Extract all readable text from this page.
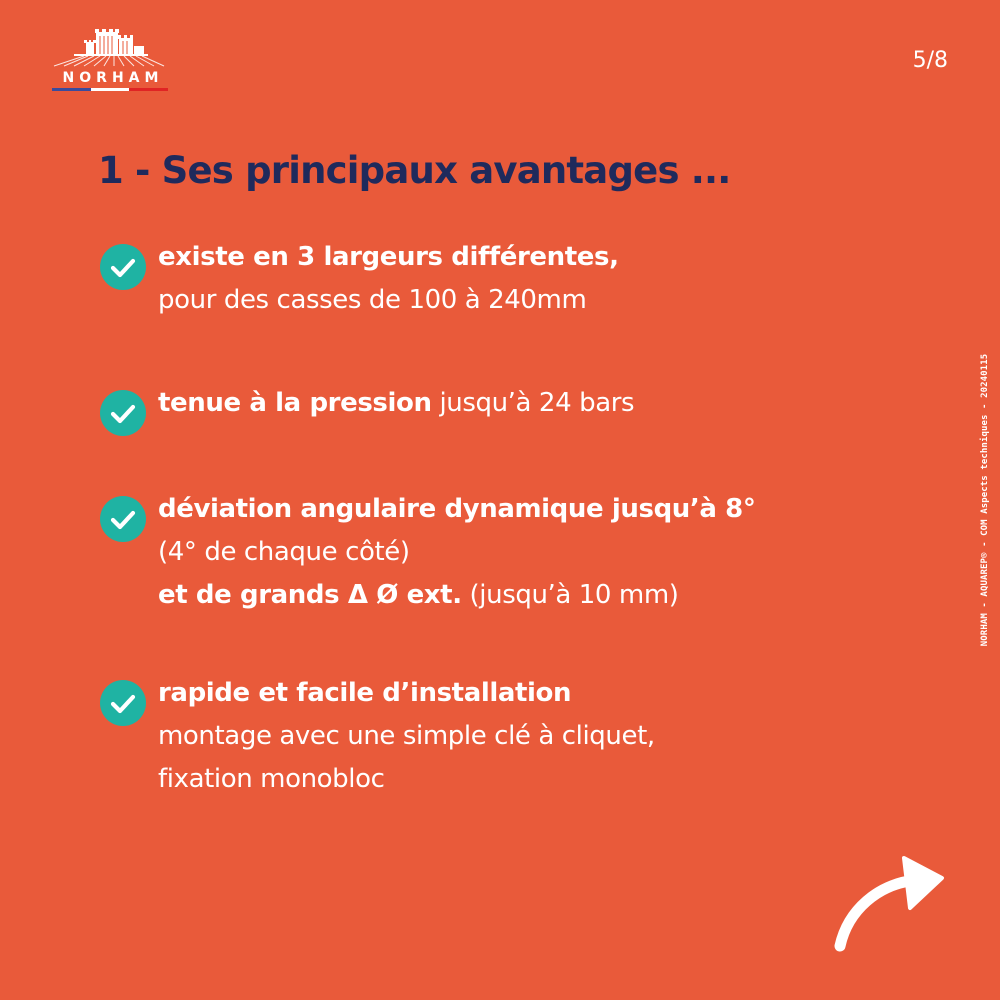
NORHAM
5/8
1 - Ses principaux avantages ...
existe en 3 largeurs différentes,
pour des casses de 100 à 240mm
tenue à la pression jusqu’à 24 bars
déviation angulaire dynamique jusqu’à 8°
(4° de chaque côté)
et de grands Δ Ø ext. (jusqu’à 10 mm)
rapide et facile d’installation
montage avec une simple clé à cliquet,
fixation monobloc
NORHAM - AQUAREP® - COM Aspects techniques - 20240115
